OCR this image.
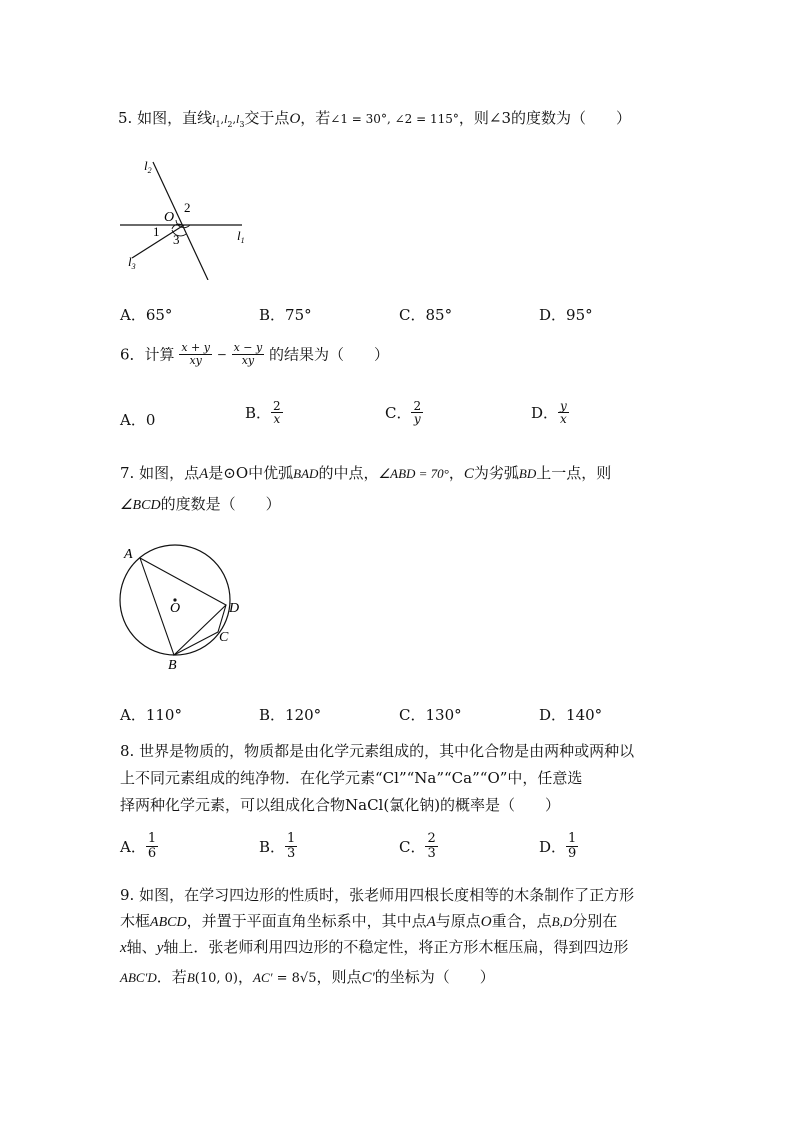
5. 如图，直线$l_1,l_2,l_3$交于点O，若∠1 = 30°, ∠2 = 115°，则∠3的度数为（　　）
$l_2$
$l_1$
$l_3$
O
2
1
3
A．65°	B．75°	C．85°	D．95°
6．计算 $\frac{x + y}{xy} - \frac{x - y}{xy}$ 的结果为（　　）
A．0	B． $\frac{2}{x}$	C． $\frac{2}{y}$	D． $\frac{y}{x}$
7. 如图，点A是⊙O中优弧BAD的中点，∠ABD = 70°，C为劣弧BD上一点，则
∠BCD的度数是（　　）
A
O	D
C
B
A．110°	B．120°	C．130°	D．140°
8. 世界是物质的，物质都是由化学元素组成的，其中化合物是由两种或两种以
上不同元素组成的纯净物．在化学元素“Cl”“Na”“Ca”“O”中，任意选
择两种化学元素，可以组成化合物NaCl(氯化钠)的概率是（　　）
A． $\frac{1}{6}$	B． $\frac{1}{3}$	C． $\frac{2}{3}$	D． $\frac{1}{9}$
9. 如图，在学习四边形的性质时，张老师用四根长度相等的木条制作了正方形
木框ABCD，并置于平面直角坐标系中，其中点A与原点O重合，点B,D分别在
x轴、y轴上．张老师利用四边形的不稳定性，将正方形木框压扁，得到四边形
ABC′D．若B(10, 0)，AC′ = 8√5，则点C′的坐标为（　　）
